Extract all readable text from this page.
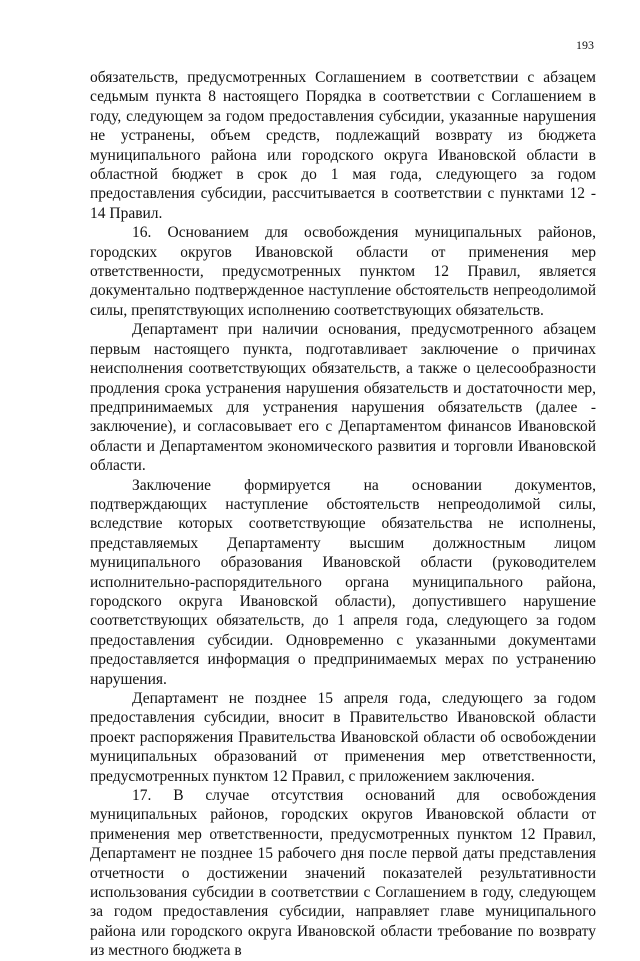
193

обязательств, предусмотренных Соглашением в соответствии с абзацем седьмым пункта 8 настоящего Порядка в соответствии с Соглашением в году, следующем за годом предоставления субсидии, указанные нарушения не устранены, объем средств, подлежащий возврату из бюджета муниципального района или городского округа Ивановской области в областной бюджет в срок до 1 мая года, следующего за годом предоставления субсидии, рассчитывается в соответствии с пунктами 12 - 14 Правил.

16. Основанием для освобождения муниципальных районов, городских округов Ивановской области от применения мер ответственности, предусмотренных пунктом 12 Правил, является документально подтвержденное наступление обстоятельств непреодолимой силы, препятствующих исполнению соответствующих обязательств.

Департамент при наличии основания, предусмотренного абзацем первым настоящего пункта, подготавливает заключение о причинах неисполнения соответствующих обязательств, а также о целесообразности продления срока устранения нарушения обязательств и достаточности мер, предпринимаемых для устранения нарушения обязательств (далее - заключение), и согласовывает его с Департаментом финансов Ивановской области и Департаментом экономического развития и торговли Ивановской области.

Заключение формируется на основании документов, подтверждающих наступление обстоятельств непреодолимой силы, вследствие которых соответствующие обязательства не исполнены, представляемых Департаменту высшим должностным лицом муниципального образования Ивановской области (руководителем исполнительно-распорядительного органа муниципального района, городского округа Ивановской области), допустившего нарушение соответствующих обязательств, до 1 апреля года, следующего за годом предоставления субсидии. Одновременно с указанными документами предоставляется информация о предпринимаемых мерах по устранению нарушения.

Департамент не позднее 15 апреля года, следующего за годом предоставления субсидии, вносит в Правительство Ивановской области проект распоряжения Правительства Ивановской области об освобождении муниципальных образований от применения мер ответственности, предусмотренных пунктом 12 Правил, с приложением заключения.

17. В случае отсутствия оснований для освобождения муниципальных районов, городских округов Ивановской области от применения мер ответственности, предусмотренных пунктом 12 Правил, Департамент не позднее 15 рабочего дня после первой даты представления отчетности о достижении значений показателей результативности использования субсидии в соответствии с Соглашением в году, следующем за годом предоставления субсидии, направляет главе муниципального района или городского округа Ивановской области требование по возврату из местного бюджета в
